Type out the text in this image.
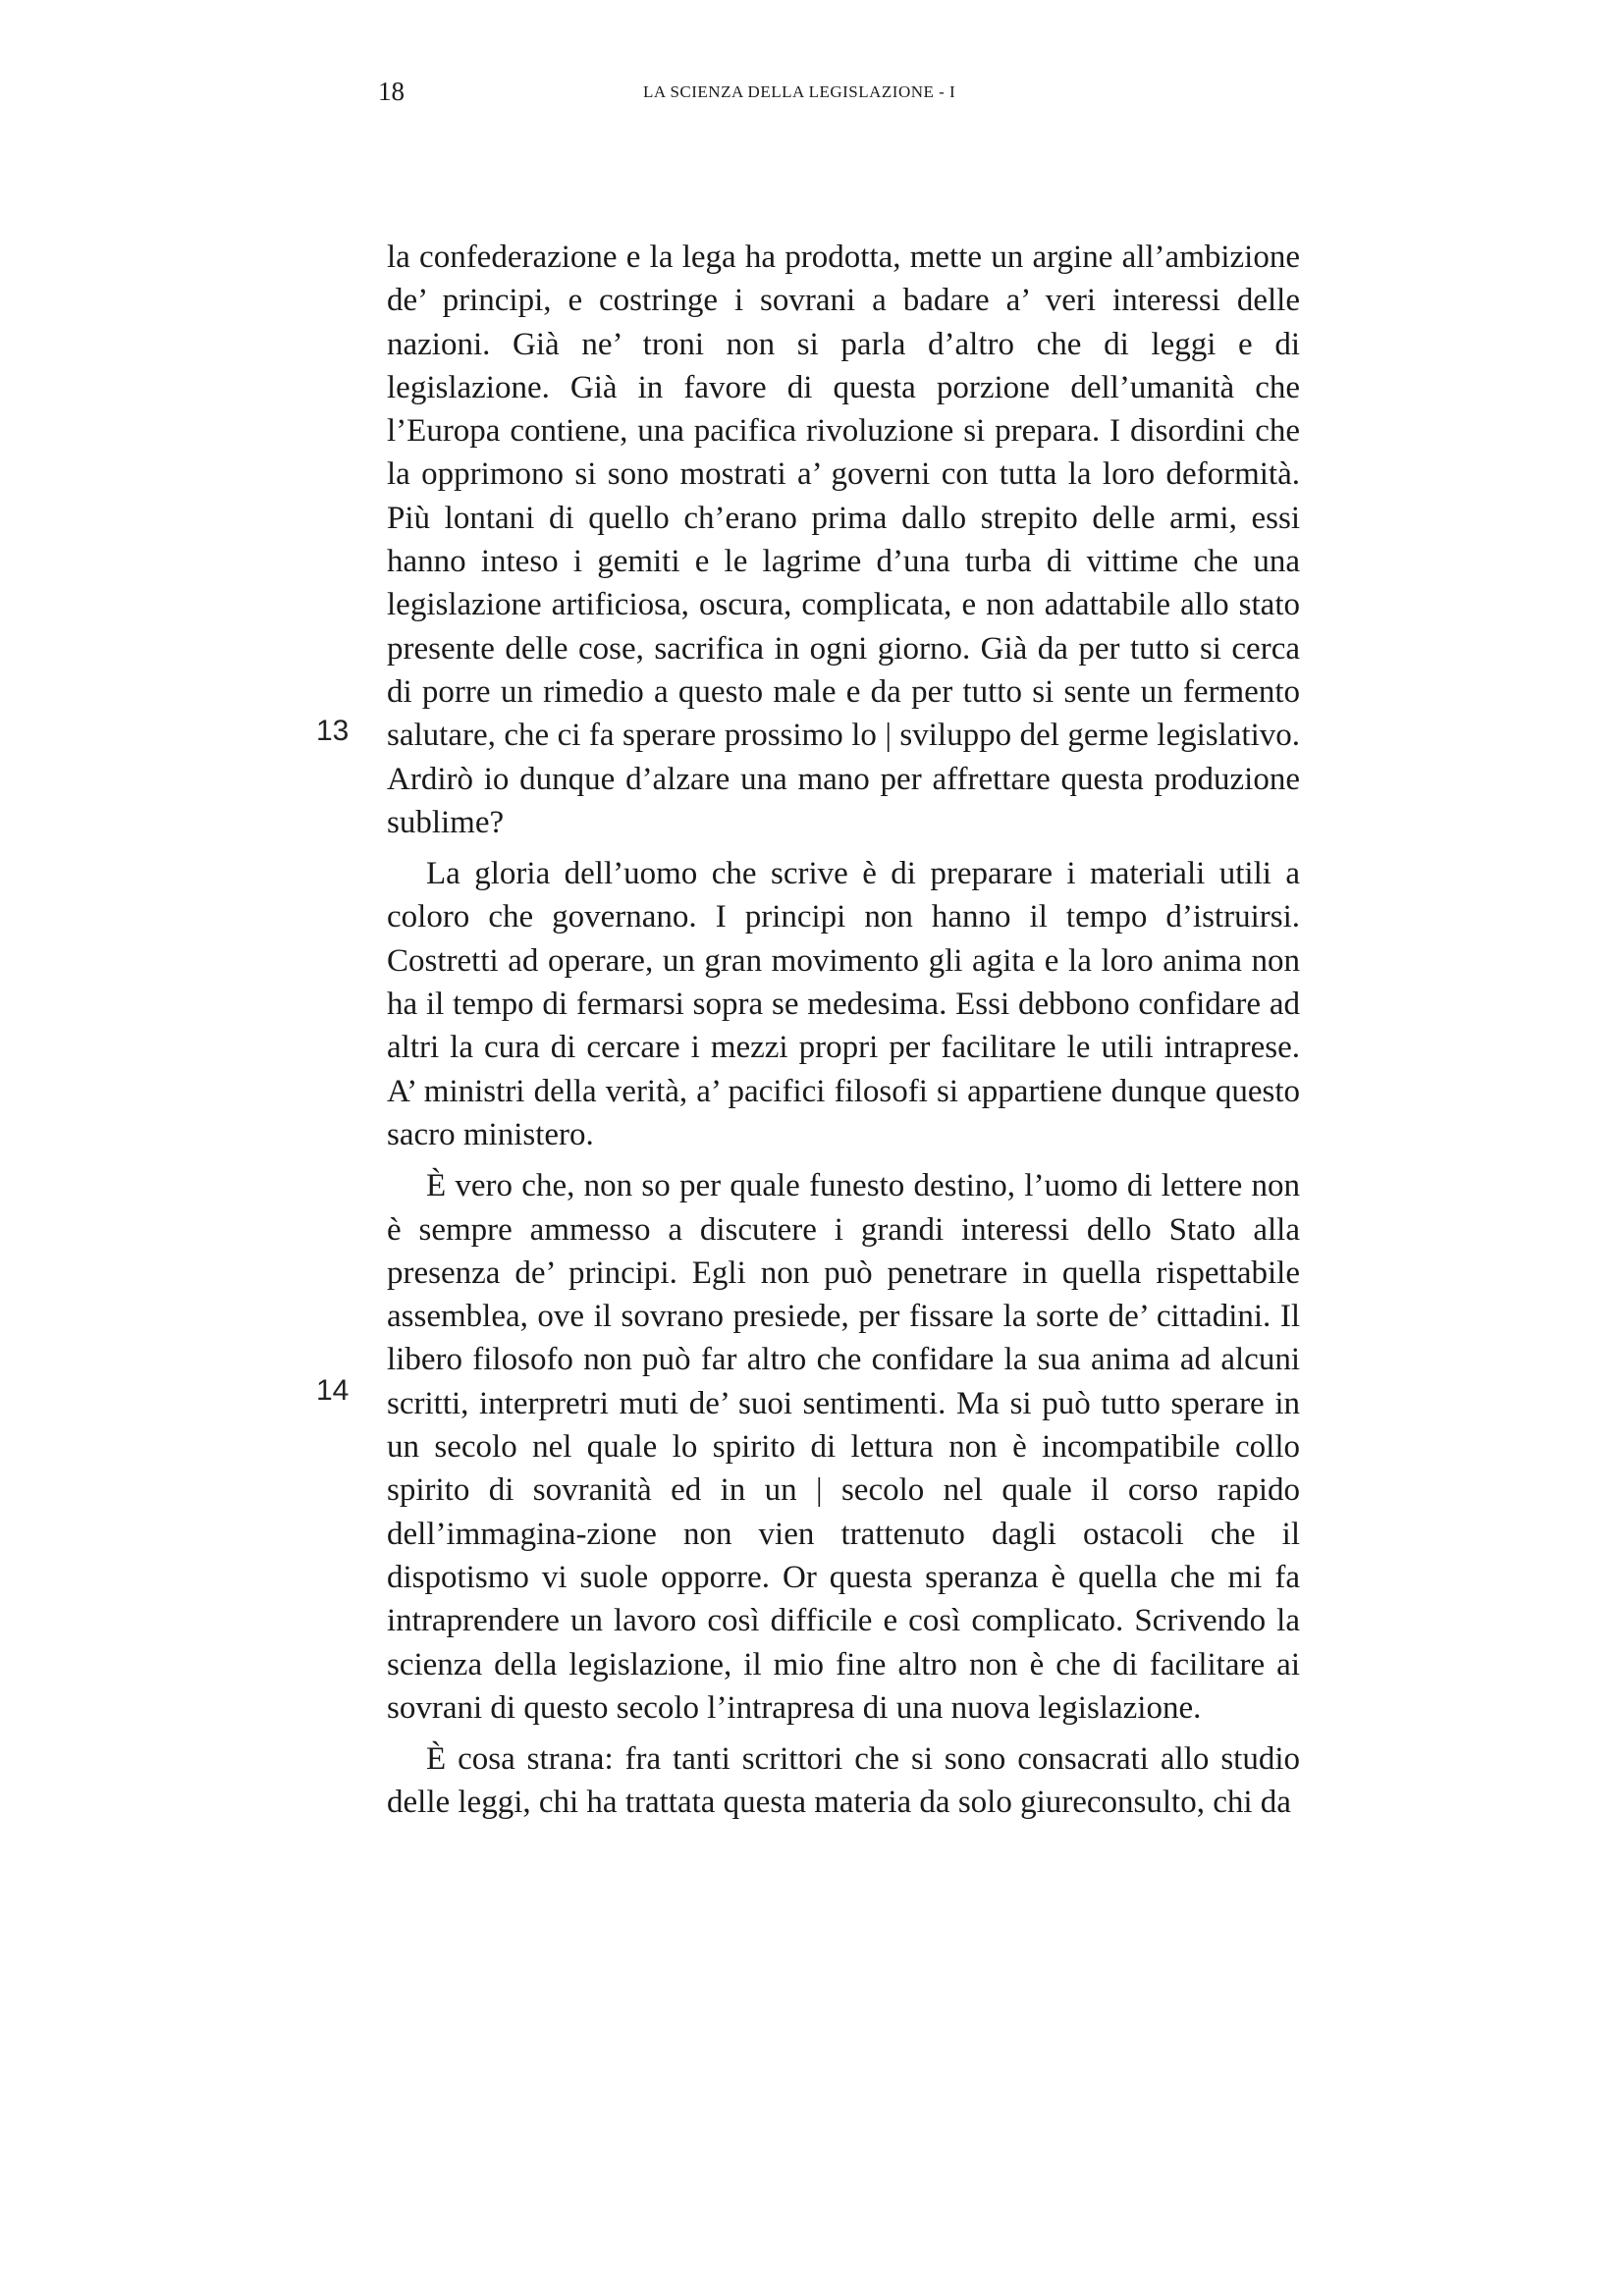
18	LA SCIENZA DELLA LEGISLAZIONE - I
13
14

la confederazione e la lega ha prodotta, mette un argine all’ambizione de’ principi, e costringe i sovrani a badare a’ veri interessi delle nazioni. Già ne’ troni non si parla d’altro che di leggi e di legislazione. Già in favore di questa porzione dell’umanità che l’Europa contiene, una pacifica rivoluzione si prepara. I disordini che la opprimono si sono mostrati a’ governi con tutta la loro deformità. Più lontani di quello ch’erano prima dallo strepito delle armi, essi hanno inteso i gemiti e le lagrime d’una turba di vittime che una legislazione artificiosa, oscura, complicata, e non adattabile allo stato presente delle cose, sacrifica in ogni giorno. Già da per tutto si cerca di porre un rimedio a questo male e da per tutto si sente un fermento salutare, che ci fa sperare prossimo lo | sviluppo del germe legislativo. Ardirò io dunque d’alzare una mano per affrettare questa produzione sublime?

La gloria dell’uomo che scrive è di preparare i materiali utili a coloro che governano. I principi non hanno il tempo d’istruirsi. Costretti ad operare, un gran movimento gli agita e la loro anima non ha il tempo di fermarsi sopra se medesima. Essi debbono confidare ad altri la cura di cercare i mezzi propri per facilitare le utili intraprese. A’ ministri della verità, a’ pacifici filosofi si appartiene dunque questo sacro ministero.

È vero che, non so per quale funesto destino, l’uomo di lettere non è sempre ammesso a discutere i grandi interessi dello Stato alla presenza de’ principi. Egli non può penetrare in quella rispettabile assemblea, ove il sovrano presiede, per fissare la sorte de’ cittadini. Il libero filosofo non può far altro che confidare la sua anima ad alcuni scritti, interpretri muti de’ suoi sentimenti. Ma si può tutto sperare in un secolo nel quale lo spirito di lettura non è incompatibile collo spirito di sovranità ed in un | secolo nel quale il corso rapido dell’immagina-zione non vien trattenuto dagli ostacoli che il dispotismo vi suole opporre. Or questa speranza è quella che mi fa intraprendere un lavoro così difficile e così complicato. Scrivendo la scienza della legislazione, il mio fine altro non è che di facilitare ai sovrani di questo secolo l’intrapresa di una nuova legislazione.

È cosa strana: fra tanti scrittori che si sono consacrati allo studio delle leggi, chi ha trattata questa materia da solo giureconsulto, chi da
